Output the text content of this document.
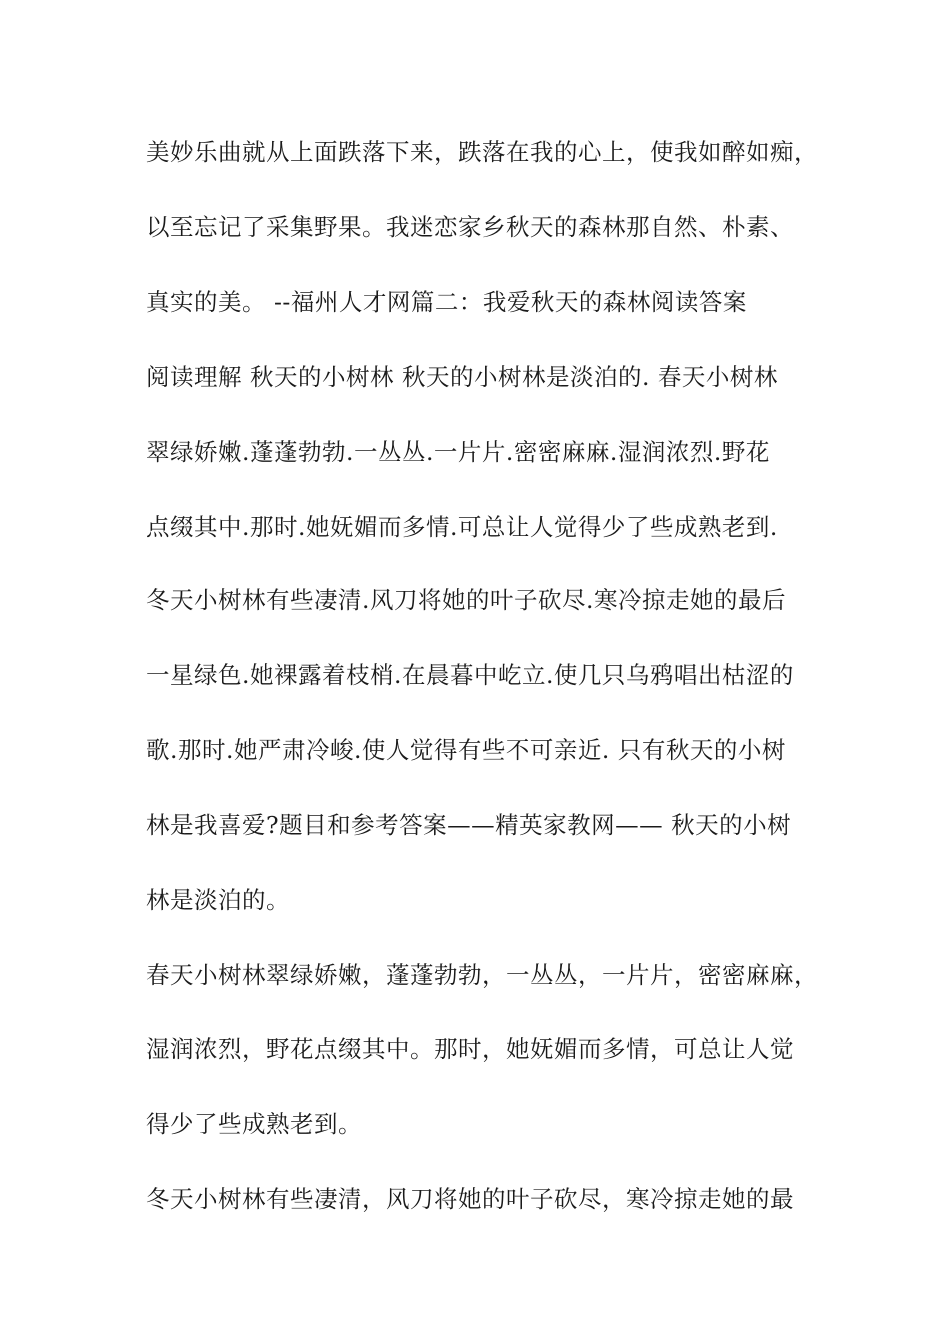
美妙乐曲就从上面跌落下来，跌落在我的心上，使我如醉如痴，
以至忘记了采集野果。我迷恋家乡秋天的森林那自然、朴素、
真实的美。 --福州人才网篇二：我爱秋天的森林阅读答案
阅读理解 秋天的小树林 秋天的小树林是淡泊的. 春天小树林
翠绿娇嫩.蓬蓬勃勃.一丛丛.一片片.密密麻麻.湿润浓烈.野花
点缀其中.那时.她妩媚而多情.可总让人觉得少了些成熟老到.
冬天小树林有些凄清.风刀将她的叶子砍尽.寒冷掠走她的最后
一星绿色.她裸露着枝梢.在晨暮中屹立.使几只乌鸦唱出枯涩的
歌.那时.她严肃冷峻.使人觉得有些不可亲近. 只有秋天的小树
林是我喜爱?题目和参考答案——精英家教网—— 秋天的小树
林是淡泊的。
春天小树林翠绿娇嫩，蓬蓬勃勃，一丛丛，一片片，密密麻麻，
湿润浓烈，野花点缀其中。那时，她妩媚而多情，可总让人觉
得少了些成熟老到。
冬天小树林有些凄清，风刀将她的叶子砍尽，寒冷掠走她的最
